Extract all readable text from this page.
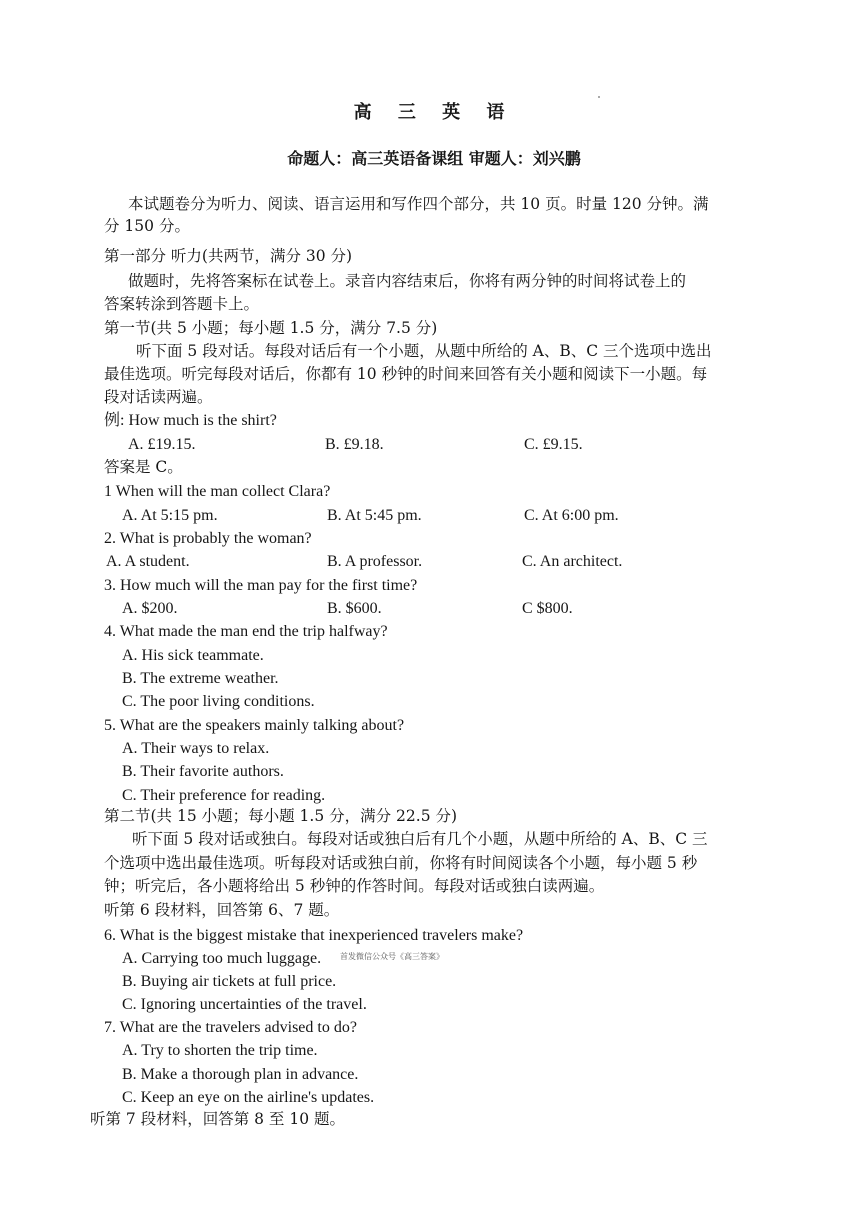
高 三 英 语
命题人：高三英语备课组 审题人：刘兴鹏
本试题卷分为听力、阅读、语言运用和写作四个部分，共 10 页。时量 120 分钟。满
分 150 分。
第一部分 听力(共两节，满分 30 分)
做题时，先将答案标在试卷上。录音内容结束后，你将有两分钟的时间将试卷上的
答案转涂到答题卡上。
第一节(共 5 小题；每小题 1.5 分，满分 7.5 分)
听下面 5 段对话。每段对话后有一个小题，从题中所给的 A、B、C 三个选项中选出
最佳选项。听完每段对话后，你都有 10 秒钟的时间来回答有关小题和阅读下一小题。每
段对话读两遍。
例: How much is the shirt?
A. £19.15.	B. £9.18.	C. £9.15.
答案是 C。
1 When will the man collect Clara?
A. At 5:15 pm.	B. At 5:45 pm.	C. At 6:00 pm.
2. What is probably the woman?
A. A student.	B. A professor.	C. An architect.
3. How much will the man pay for the first time?
A. $200.	B. $600.	C $800.
4. What made the man end the trip halfway?
A. His sick teammate.
B. The extreme weather.
C. The poor living conditions.
5. What are the speakers mainly talking about?
A. Their ways to relax.
B. Their favorite authors.
C. Their preference for reading.
第二节(共 15 小题；每小题 1.5 分，满分 22.5 分)
听下面 5 段对话或独白。每段对话或独白后有几个小题，从题中所给的 A、B、C 三
个选项中选出最佳选项。听每段对话或独白前，你将有时间阅读各个小题，每小题 5 秒
钟；听完后，各小题将给出 5 秒钟的作答时间。每段对话或独白读两遍。
听第 6 段材料，回答第 6、7 题。
6. What is the biggest mistake that inexperienced travelers make?
A. Carrying too much luggage. 首发微信公众号《高三答案》
B. Buying air tickets at full price.
C. Ignoring uncertainties of the travel.
7. What are the travelers advised to do?
A. Try to shorten the trip time.
B. Make a thorough plan in advance.
C. Keep an eye on the airline's updates.
听第 7 段材料，回答第 8 至 10 题。
